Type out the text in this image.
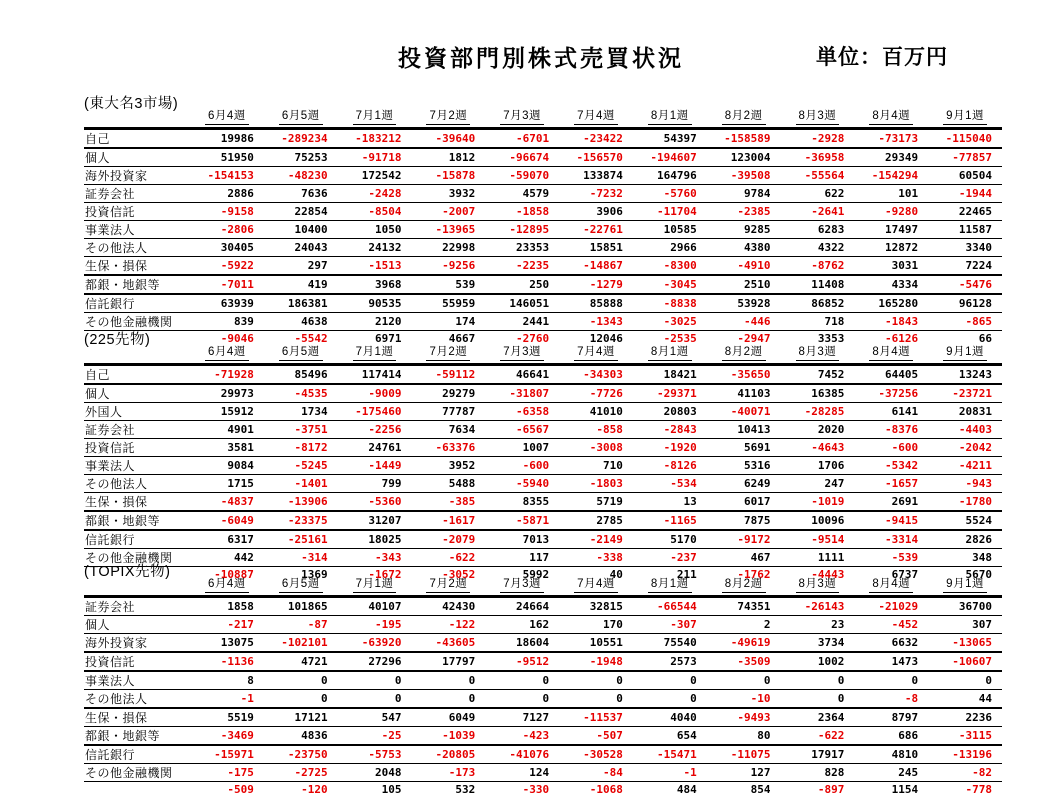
投資部門別株式売買状況	単位：百万円
(東大名3市場)
	6月4週	6月5週	7月1週	7月2週	7月3週	7月4週	8月1週	8月2週	8月3週	8月4週	9月1週
自己	19986	-289234	-183212	-39640	-6701	-23422	54397	-158589	-2928	-73173	-115040
個人	51950	75253	-91718	1812	-96674	-156570	-194607	123004	-36958	29349	-77857
海外投資家	-154153	-48230	172542	-15878	-59070	133874	164796	-39508	-55564	-154294	60504
証券会社	2886	7636	-2428	3932	4579	-7232	-5760	9784	622	101	-1944
投資信託	-9158	22854	-8504	-2007	-1858	3906	-11704	-2385	-2641	-9280	22465
事業法人	-2806	10400	1050	-13965	-12895	-22761	10585	9285	6283	17497	11587
その他法人	30405	24043	24132	22998	23353	15851	2966	4380	4322	12872	3340
生保・損保	-5922	297	-1513	-9256	-2235	-14867	-8300	-4910	-8762	3031	7224
都銀・地銀等	-7011	419	3968	539	250	-1279	-3045	2510	11408	4334	-5476
信託銀行	63939	186381	90535	55959	146051	85888	-8838	53928	86852	165280	96128
その他金融機関	839	4638	2120	174	2441	-1343	-3025	-446	718	-1843	-865
	-9046	-5542	6971	4667	-2760	12046	-2535	-2947	3353	-6126	66
(225先物)
	6月4週	6月5週	7月1週	7月2週	7月3週	7月4週	8月1週	8月2週	8月3週	8月4週	9月1週
自己	-71928	85496	117414	-59112	46641	-34303	18421	-35650	7452	64405	13243
個人	29973	-4535	-9009	29279	-31807	-7726	-29371	41103	16385	-37256	-23721
外国人	15912	1734	-175460	77787	-6358	41010	20803	-40071	-28285	6141	20831
証券会社	4901	-3751	-2256	7634	-6567	-858	-2843	10413	2020	-8376	-4403
投資信託	3581	-8172	24761	-63376	1007	-3008	-1920	5691	-4643	-600	-2042
事業法人	9084	-5245	-1449	3952	-600	710	-8126	5316	1706	-5342	-4211
その他法人	1715	-1401	799	5488	-5940	-1803	-534	6249	247	-1657	-943
生保・損保	-4837	-13906	-5360	-385	8355	5719	13	6017	-1019	2691	-1780
都銀・地銀等	-6049	-23375	31207	-1617	-5871	2785	-1165	7875	10096	-9415	5524
信託銀行	6317	-25161	18025	-2079	7013	-2149	5170	-9172	-9514	-3314	2826
その他金融機関	442	-314	-343	-622	117	-338	-237	467	1111	-539	348
	-10887	1369	-1672	-3052	5992	40	211	-1762	-4443	6737	5670
(TOPIX先物)
	6月4週	6月5週	7月1週	7月2週	7月3週	7月4週	8月1週	8月2週	8月3週	8月4週	9月1週
証券会社	1858	101865	40107	42430	24664	32815	-66544	74351	-26143	-21029	36700
個人	-217	-87	-195	-122	162	170	-307	2	23	-452	307
海外投資家	13075	-102101	-63920	-43605	18604	10551	75540	-49619	3734	6632	-13065
投資信託	-1136	4721	27296	17797	-9512	-1948	2573	-3509	1002	1473	-10607
事業法人	8	0	0	0	0	0	0	0	0	0	0
その他法人	-1	0	0	0	0	0	0	-10	0	-8	44
生保・損保	5519	17121	547	6049	7127	-11537	4040	-9493	2364	8797	2236
都銀・地銀等	-3469	4836	-25	-1039	-423	-507	654	80	-622	686	-3115
信託銀行	-15971	-23750	-5753	-20805	-41076	-30528	-15471	-11075	17917	4810	-13196
その他金融機関	-175	-2725	2048	-173	124	-84	-1	127	828	245	-82
	-509	-120	105	532	-330	-1068	484	854	-897	1154	-778
